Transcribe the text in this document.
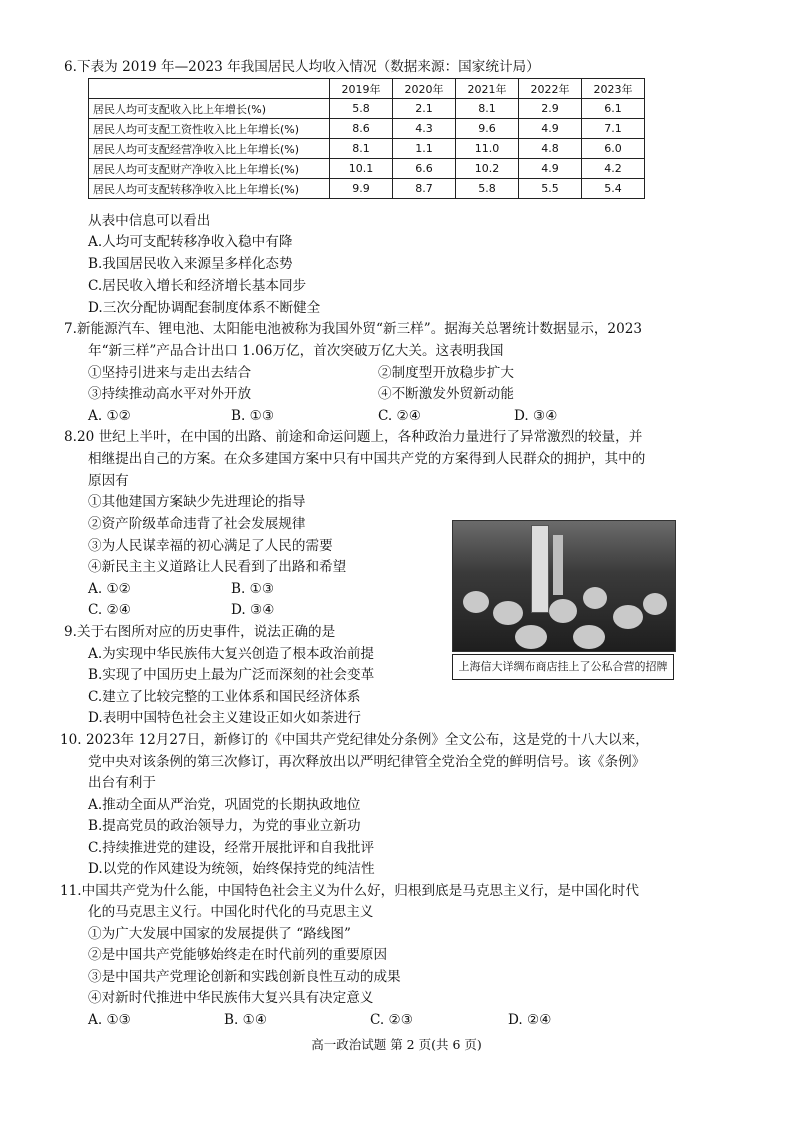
6.下表为 2019 年—2023 年我国居民人均收入情况（数据来源：国家统计局）
	2019年	2020年	2021年	2022年	2023年
居民人均可支配收入比上年增长(%)	5.8	2.1	8.1	2.9	6.1
居民人均可支配工资性收入比上年增长(%)	8.6	4.3	9.6	4.9	7.1
居民人均可支配经营净收入比上年增长(%)	8.1	1.1	11.0	4.8	6.0
居民人均可支配财产净收入比上年增长(%)	10.1	6.6	10.2	4.9	4.2
居民人均可支配转移净收入比上年增长(%)	9.9	8.7	5.8	5.5	5.4
从表中信息可以看出
A.人均可支配转移净收入稳中有降
B.我国居民收入来源呈多样化态势
C.居民收入增长和经济增长基本同步
D.三次分配协调配套制度体系不断健全
7.新能源汽车、锂电池、太阳能电池被称为我国外贸“新三样”。据海关总署统计数据显示，2023
年“新三样”产品合计出口 1.06万亿，首次突破万亿大关。这表明我国
①坚持引进来与走出去结合	②制度型开放稳步扩大
③持续推动高水平对外开放	④不断激发外贸新动能
A. ①②	B. ①③	C. ②④	D. ③④
8.20 世纪上半叶，在中国的出路、前途和命运问题上，各种政治力量进行了异常激烈的较量，并
相继提出自己的方案。在众多建国方案中只有中国共产党的方案得到人民群众的拥护，其中的
原因有
①其他建国方案缺少先进理论的指导
②资产阶级革命违背了社会发展规律
③为人民谋幸福的初心满足了人民的需要
④新民主主义道路让人民看到了出路和希望
A. ①②	B. ①③
C. ②④	D. ③④
上海信大详绸布商店挂上了公私合营的招牌
9.关于右图所对应的历史事件，说法正确的是
A.为实现中华民族伟大复兴创造了根本政治前提
B.实现了中国历史上最为广泛而深刻的社会变革
C.建立了比较完整的工业体系和国民经济体系
D.表明中国特色社会主义建设正如火如荼进行
10. 2023年 12月27日，新修订的《中国共产党纪律处分条例》全文公布，这是党的十八大以来，
党中央对该条例的第三次修订，再次释放出以严明纪律管全党治全党的鲜明信号。该《条例》
出台有利于
A.推动全面从严治党，巩固党的长期执政地位
B.提高党员的政治领导力，为党的事业立新功
C.持续推进党的建设，经常开展批评和自我批评
D.以党的作风建设为统领，始终保持党的纯洁性
11.中国共产党为什么能，中国特色社会主义为什么好，归根到底是马克思主义行，是中国化时代
化的马克思主义行。中国化时代化的马克思主义
①为广大发展中国家的发展提供了 “路线图”
②是中国共产党能够始终走在时代前列的重要原因
③是中国共产党理论创新和实践创新良性互动的成果
④对新时代推进中华民族伟大复兴具有决定意义
A. ①③	B. ①④	C. ②③	D. ②④
高一政治试题 第 2 页(共 6 页)
